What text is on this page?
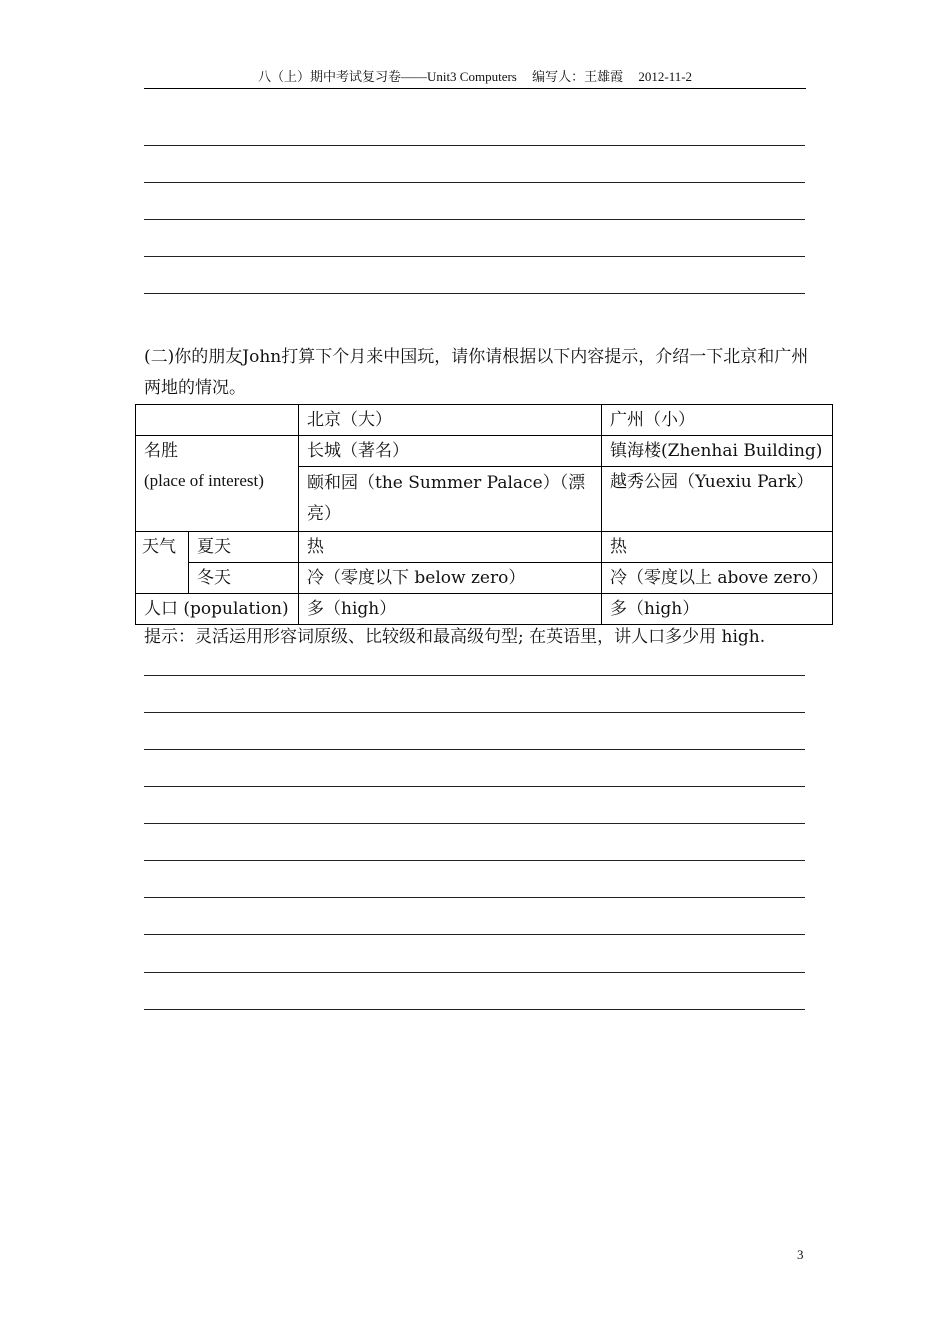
八（上）期中考试复习卷——Unit3 Computers 编写人：王雄霞 2012-11-2
(二)你的朋友John打算下个月来中国玩，请你请根据以下内容提示，介绍一下北京和广州两地的情况。
		北京（大）	广州（小）

名胜
(place of interest)		长城（著名）	镇海楼(Zhenhai Building)
		颐和园（the Summer Palace）（漂亮）	越秀公园（Yuexiu Park）
天气	夏天	热	热
	冬天	冷（零度以下 below zero）	冷（零度以上 above zero）
人口 (population)		多（high）	多（high）
提示：灵活运用形容词原级、比较级和最高级句型; 在英语里，讲人口多少用 high.
3
